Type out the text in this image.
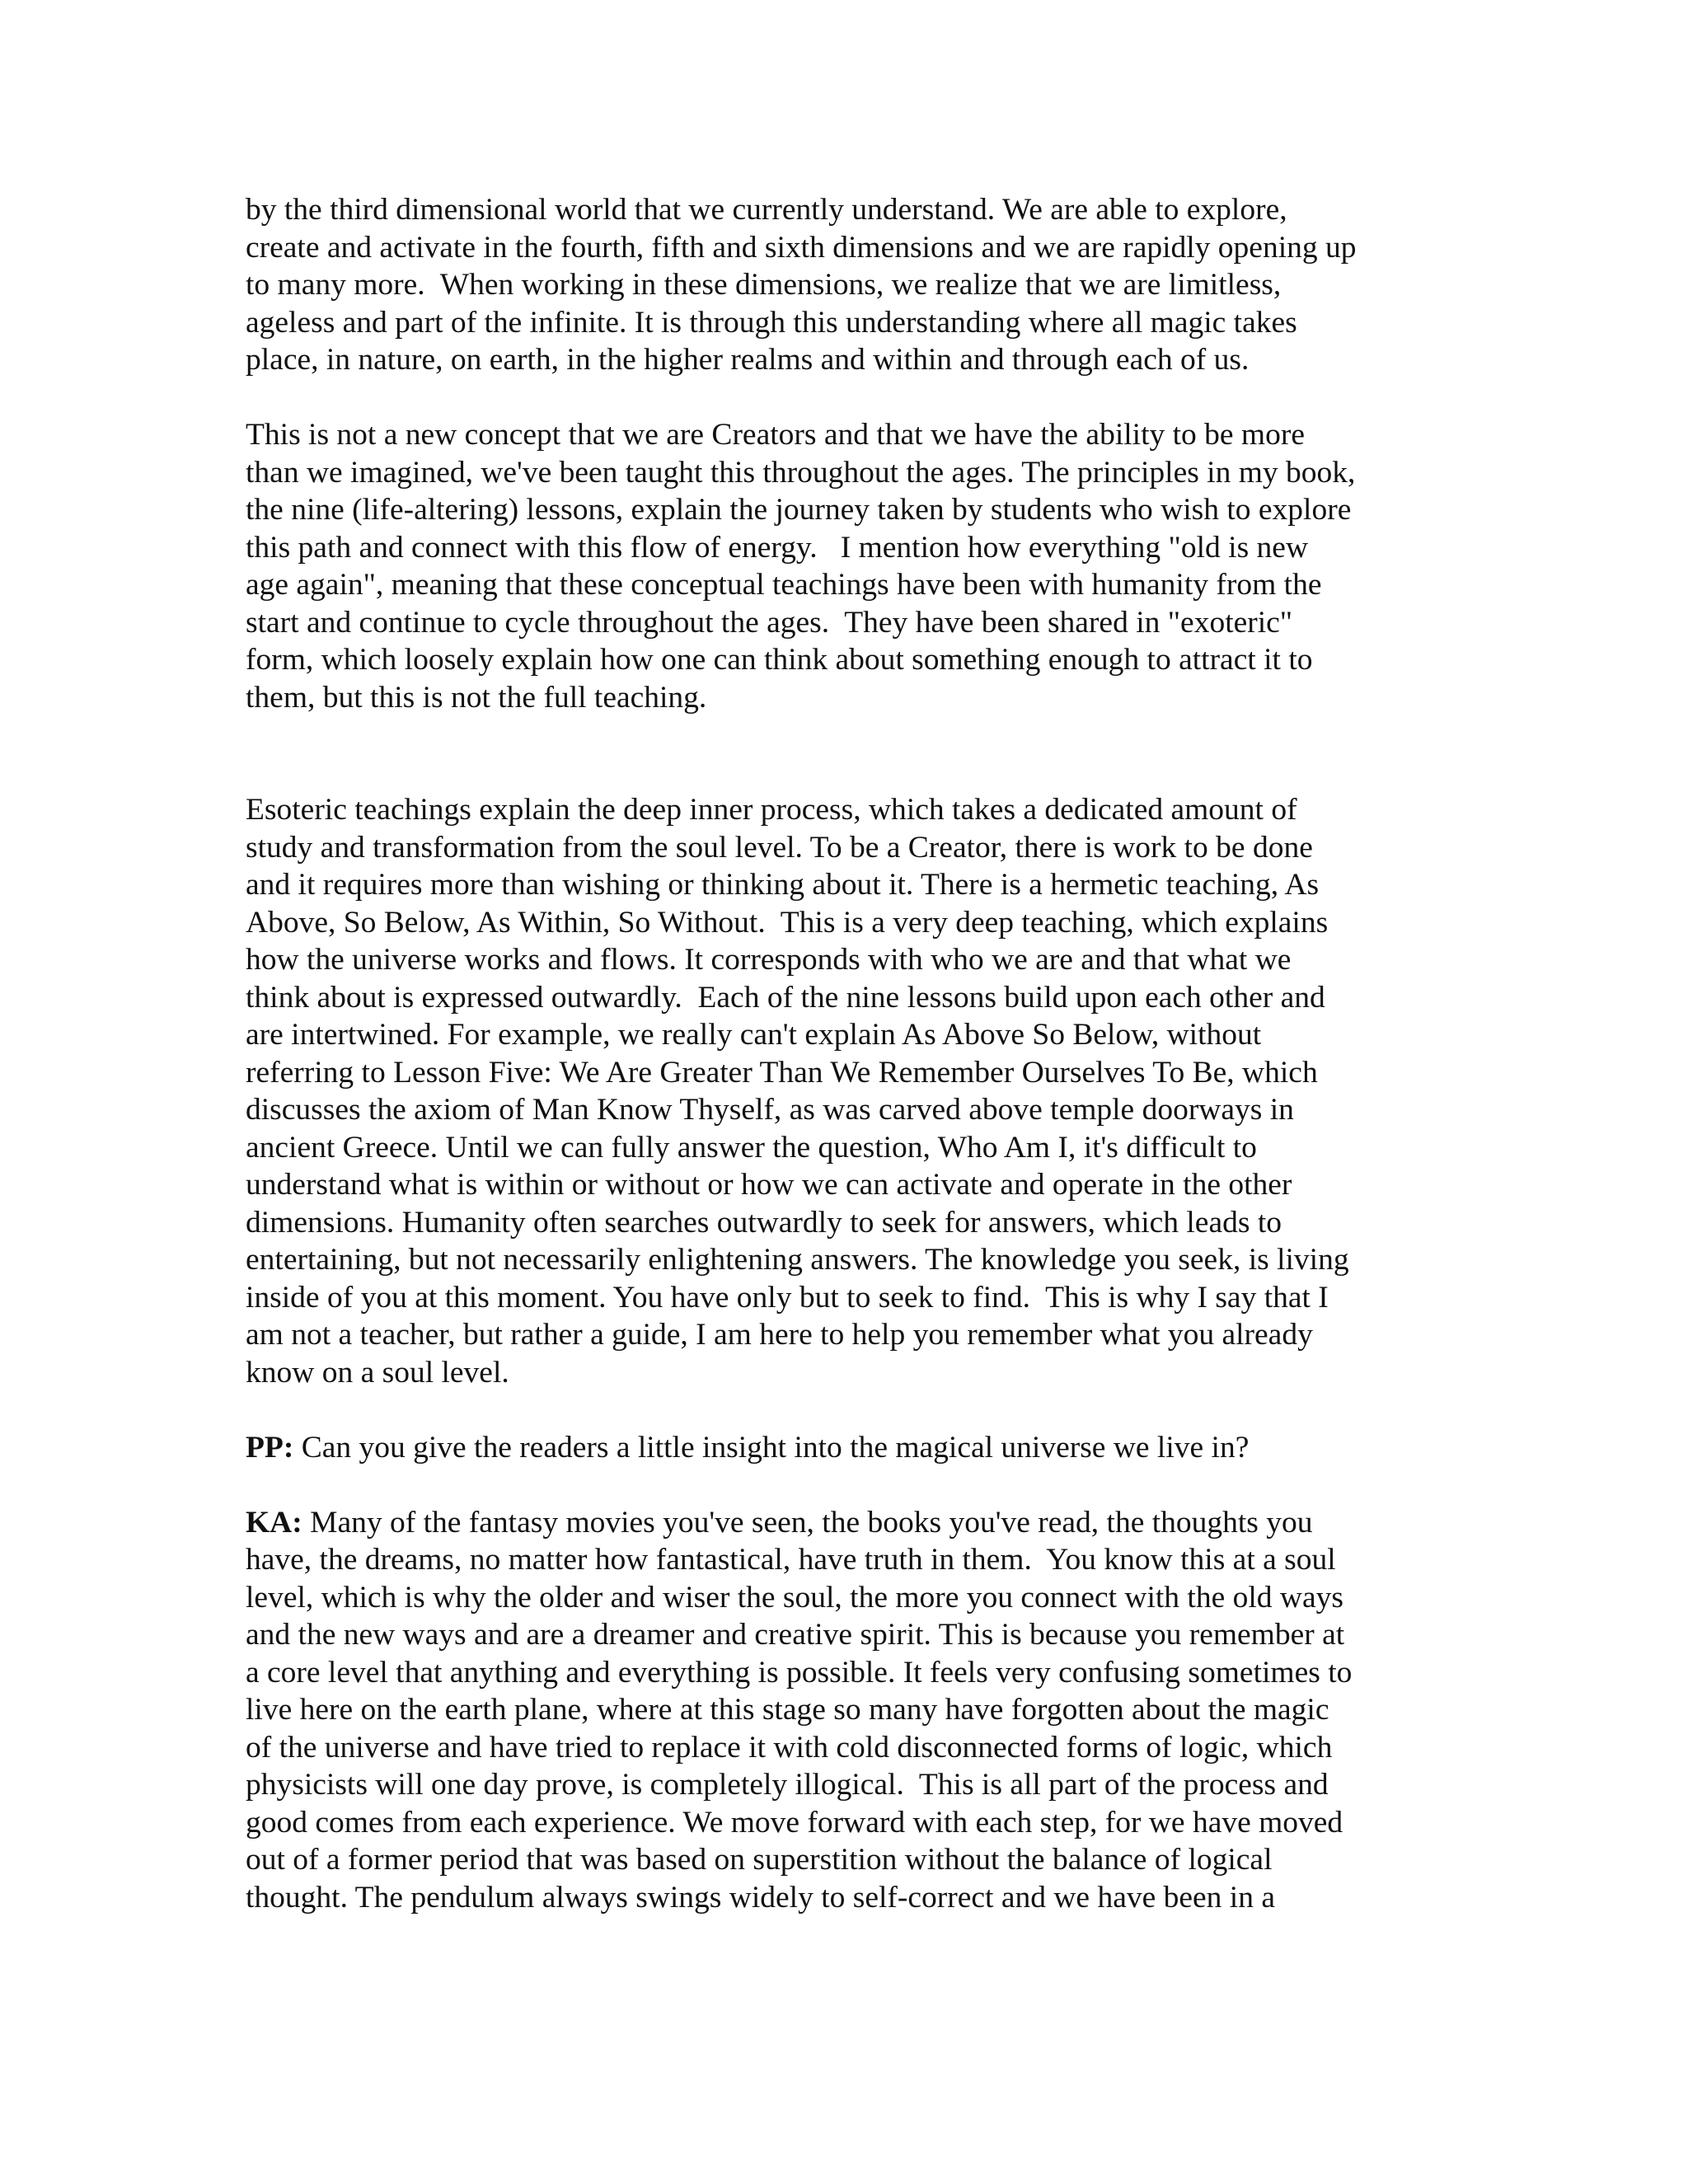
by the third dimensional world that we currently understand. We are able to explore,
create and activate in the fourth, fifth and sixth dimensions and we are rapidly opening up
to many more.  When working in these dimensions, we realize that we are limitless,
ageless and part of the infinite. It is through this understanding where all magic takes
place, in nature, on earth, in the higher realms and within and through each of us.
This is not a new concept that we are Creators and that we have the ability to be more
than we imagined, we've been taught this throughout the ages. The principles in my book,
the nine (life-altering) lessons, explain the journey taken by students who wish to explore
this path and connect with this flow of energy.   I mention how everything "old is new
age again", meaning that these conceptual teachings have been with humanity from the
start and continue to cycle throughout the ages.  They have been shared in "exoteric"
form, which loosely explain how one can think about something enough to attract it to
them, but this is not the full teaching.
Esoteric teachings explain the deep inner process, which takes a dedicated amount of
study and transformation from the soul level. To be a Creator, there is work to be done
and it requires more than wishing or thinking about it. There is a hermetic teaching, As
Above, So Below, As Within, So Without.  This is a very deep teaching, which explains
how the universe works and flows. It corresponds with who we are and that what we
think about is expressed outwardly.  Each of the nine lessons build upon each other and
are intertwined. For example, we really can't explain As Above So Below, without
referring to Lesson Five: We Are Greater Than We Remember Ourselves To Be, which
discusses the axiom of Man Know Thyself, as was carved above temple doorways in
ancient Greece. Until we can fully answer the question, Who Am I, it's difficult to
understand what is within or without or how we can activate and operate in the other
dimensions. Humanity often searches outwardly to seek for answers, which leads to
entertaining, but not necessarily enlightening answers. The knowledge you seek, is living
inside of you at this moment. You have only but to seek to find.  This is why I say that I
am not a teacher, but rather a guide, I am here to help you remember what you already
know on a soul level.
PP: Can you give the readers a little insight into the magical universe we live in?
KA: Many of the fantasy movies you've seen, the books you've read, the thoughts you
have, the dreams, no matter how fantastical, have truth in them.  You know this at a soul
level, which is why the older and wiser the soul, the more you connect with the old ways
and the new ways and are a dreamer and creative spirit. This is because you remember at
a core level that anything and everything is possible. It feels very confusing sometimes to
live here on the earth plane, where at this stage so many have forgotten about the magic
of the universe and have tried to replace it with cold disconnected forms of logic, which
physicists will one day prove, is completely illogical.  This is all part of the process and
good comes from each experience. We move forward with each step, for we have moved
out of a former period that was based on superstition without the balance of logical
thought. The pendulum always swings widely to self-correct and we have been in a
